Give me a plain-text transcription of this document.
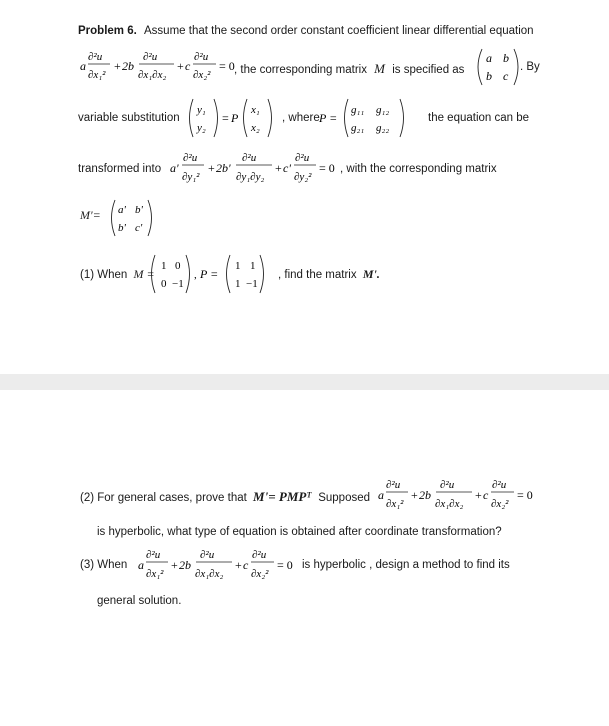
Problem 6. Assume that the second order constant coefficient linear differential equation
a
∂²u
∂x₁²
+ 2b
∂²u
∂x₁∂x₂
+ c
∂²u
∂x₂²
= 0 , the corresponding matrix M is specified as
a b
b c
. By
variable substitution
y₁
y₂
= P
x₁
x₂
, where P =
g₁₁ g₁₂
g₂₁ g₂₂
the equation can be
transformed into a'
∂²u
∂y₁²
+ 2b'
∂²u
∂y₁∂y₂
+ c'
∂²u
∂y₂²
= 0 , with the corresponding matrix
M'= a' b'
b' c'
(1) When M =
1 0
0 −1
, P =
1 1
1 −1
, find the matrix M'.
(2) For general cases, prove that M'= PMPᵀ Supposed a
∂²u
∂x₁²
+ 2b
∂²u
∂x₁∂x₂
+ c
∂²u
∂x₂²
= 0
is hyperbolic, what type of equation is obtained after coordinate transformation?
(3) When a
∂²u
∂x₁²
+ 2b
∂²u
∂x₁∂x₂
+ c
∂²u
∂x₂²
= 0 is hyperbolic , design a method to find its
general solution.
